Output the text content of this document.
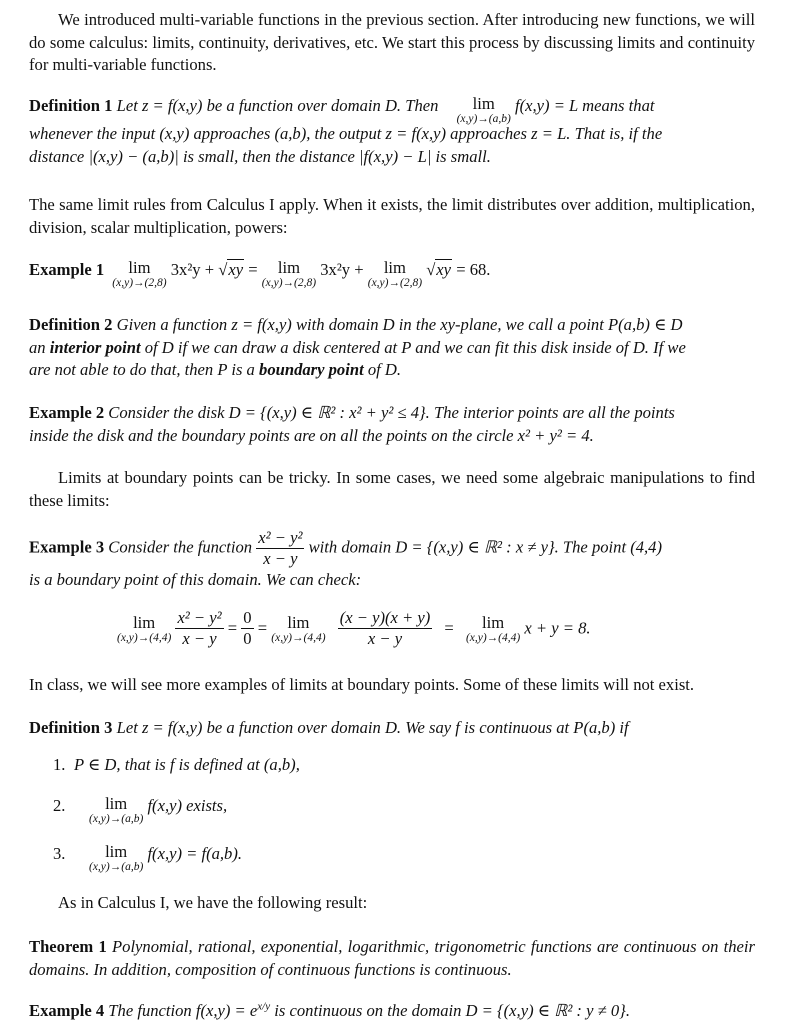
We introduced multi-variable functions in the previous section. After introducing new functions, we will do some calculus: limits, continuity, derivatives, etc. We start this process by discussing limits and continuity for multi-variable functions.
Definition 1 Let z = f(x,y) be a function over domain D. Then lim
(x,y)→(a,b)
f(x,y) = L means that
whenever the input (x,y) approaches (a,b), the output z = f(x,y) approaches z = L. That is, if the
distance |(x,y) − (a,b)| is small, then the distance |f(x,y) − L| is small.
The same limit rules from Calculus I apply. When it exists, the limit distributes over addition, multiplication, division, scalar multiplication, powers:
Example 1 lim
(x,y)→(2,8)
3x²y + √xy = lim
(x,y)→(2,8)
3x²y + lim
(x,y)→(2,8)
√xy = 68.
Definition 2 Given a function z = f(x,y) with domain D in the xy-plane, we call a point P(a,b) ∈ D
an interior point of D if we can draw a disk centered at P and we can fit this disk inside of D. If we
are not able to do that, then P is a boundary point of D.
Example 2 Consider the disk D = {(x,y) ∈ ℝ² : x² + y² ≤ 4}. The interior points are all the points
inside the disk and the boundary points are on all the points on the circle x² + y² = 4.
Limits at boundary points can be tricky. In some cases, we need some algebraic manipulations to find these limits:
Example 3 Consider the function $\frac{\text{x² − y²}}{x - y}$ with domain D = {(x,y) ∈ ℝ² : x ≠ y}. The point (4,4)
is a boundary point of this domain. We can check:
lim
(x,y)→(4,4)
$\frac{\text{x² − y²}}{x - y} = \frac{0}{0} = \lim$
(x,y)→(4,4)
$\frac{(x - y)(x + y)}{x - y} = \lim$
(x,y)→(4,4)
x + y = 8.
In class, we will see more examples of limits at boundary points. Some of these limits will not exist.
Definition 3 Let z = f(x,y) be a function over domain D. We say f is continuous at P(a,b) if
1. P ∈ D, that is f is defined at (a,b),
2. lim
(x,y)→(a,b)
f(x,y) exists,
3. lim
(x,y)→(a,b)
f(x,y) = f(a,b).
As in Calculus I, we have the following result:
Theorem 1 Polynomial, rational, exponential, logarithmic, trigonometric functions are continuous on their domains. In addition, composition of continuous functions is continuous.
Example 4 The function $f(x,y) = e^{x/y}$ is continuous on the domain D = {(x,y) ∈ ℝ² : y ≠ 0}.
